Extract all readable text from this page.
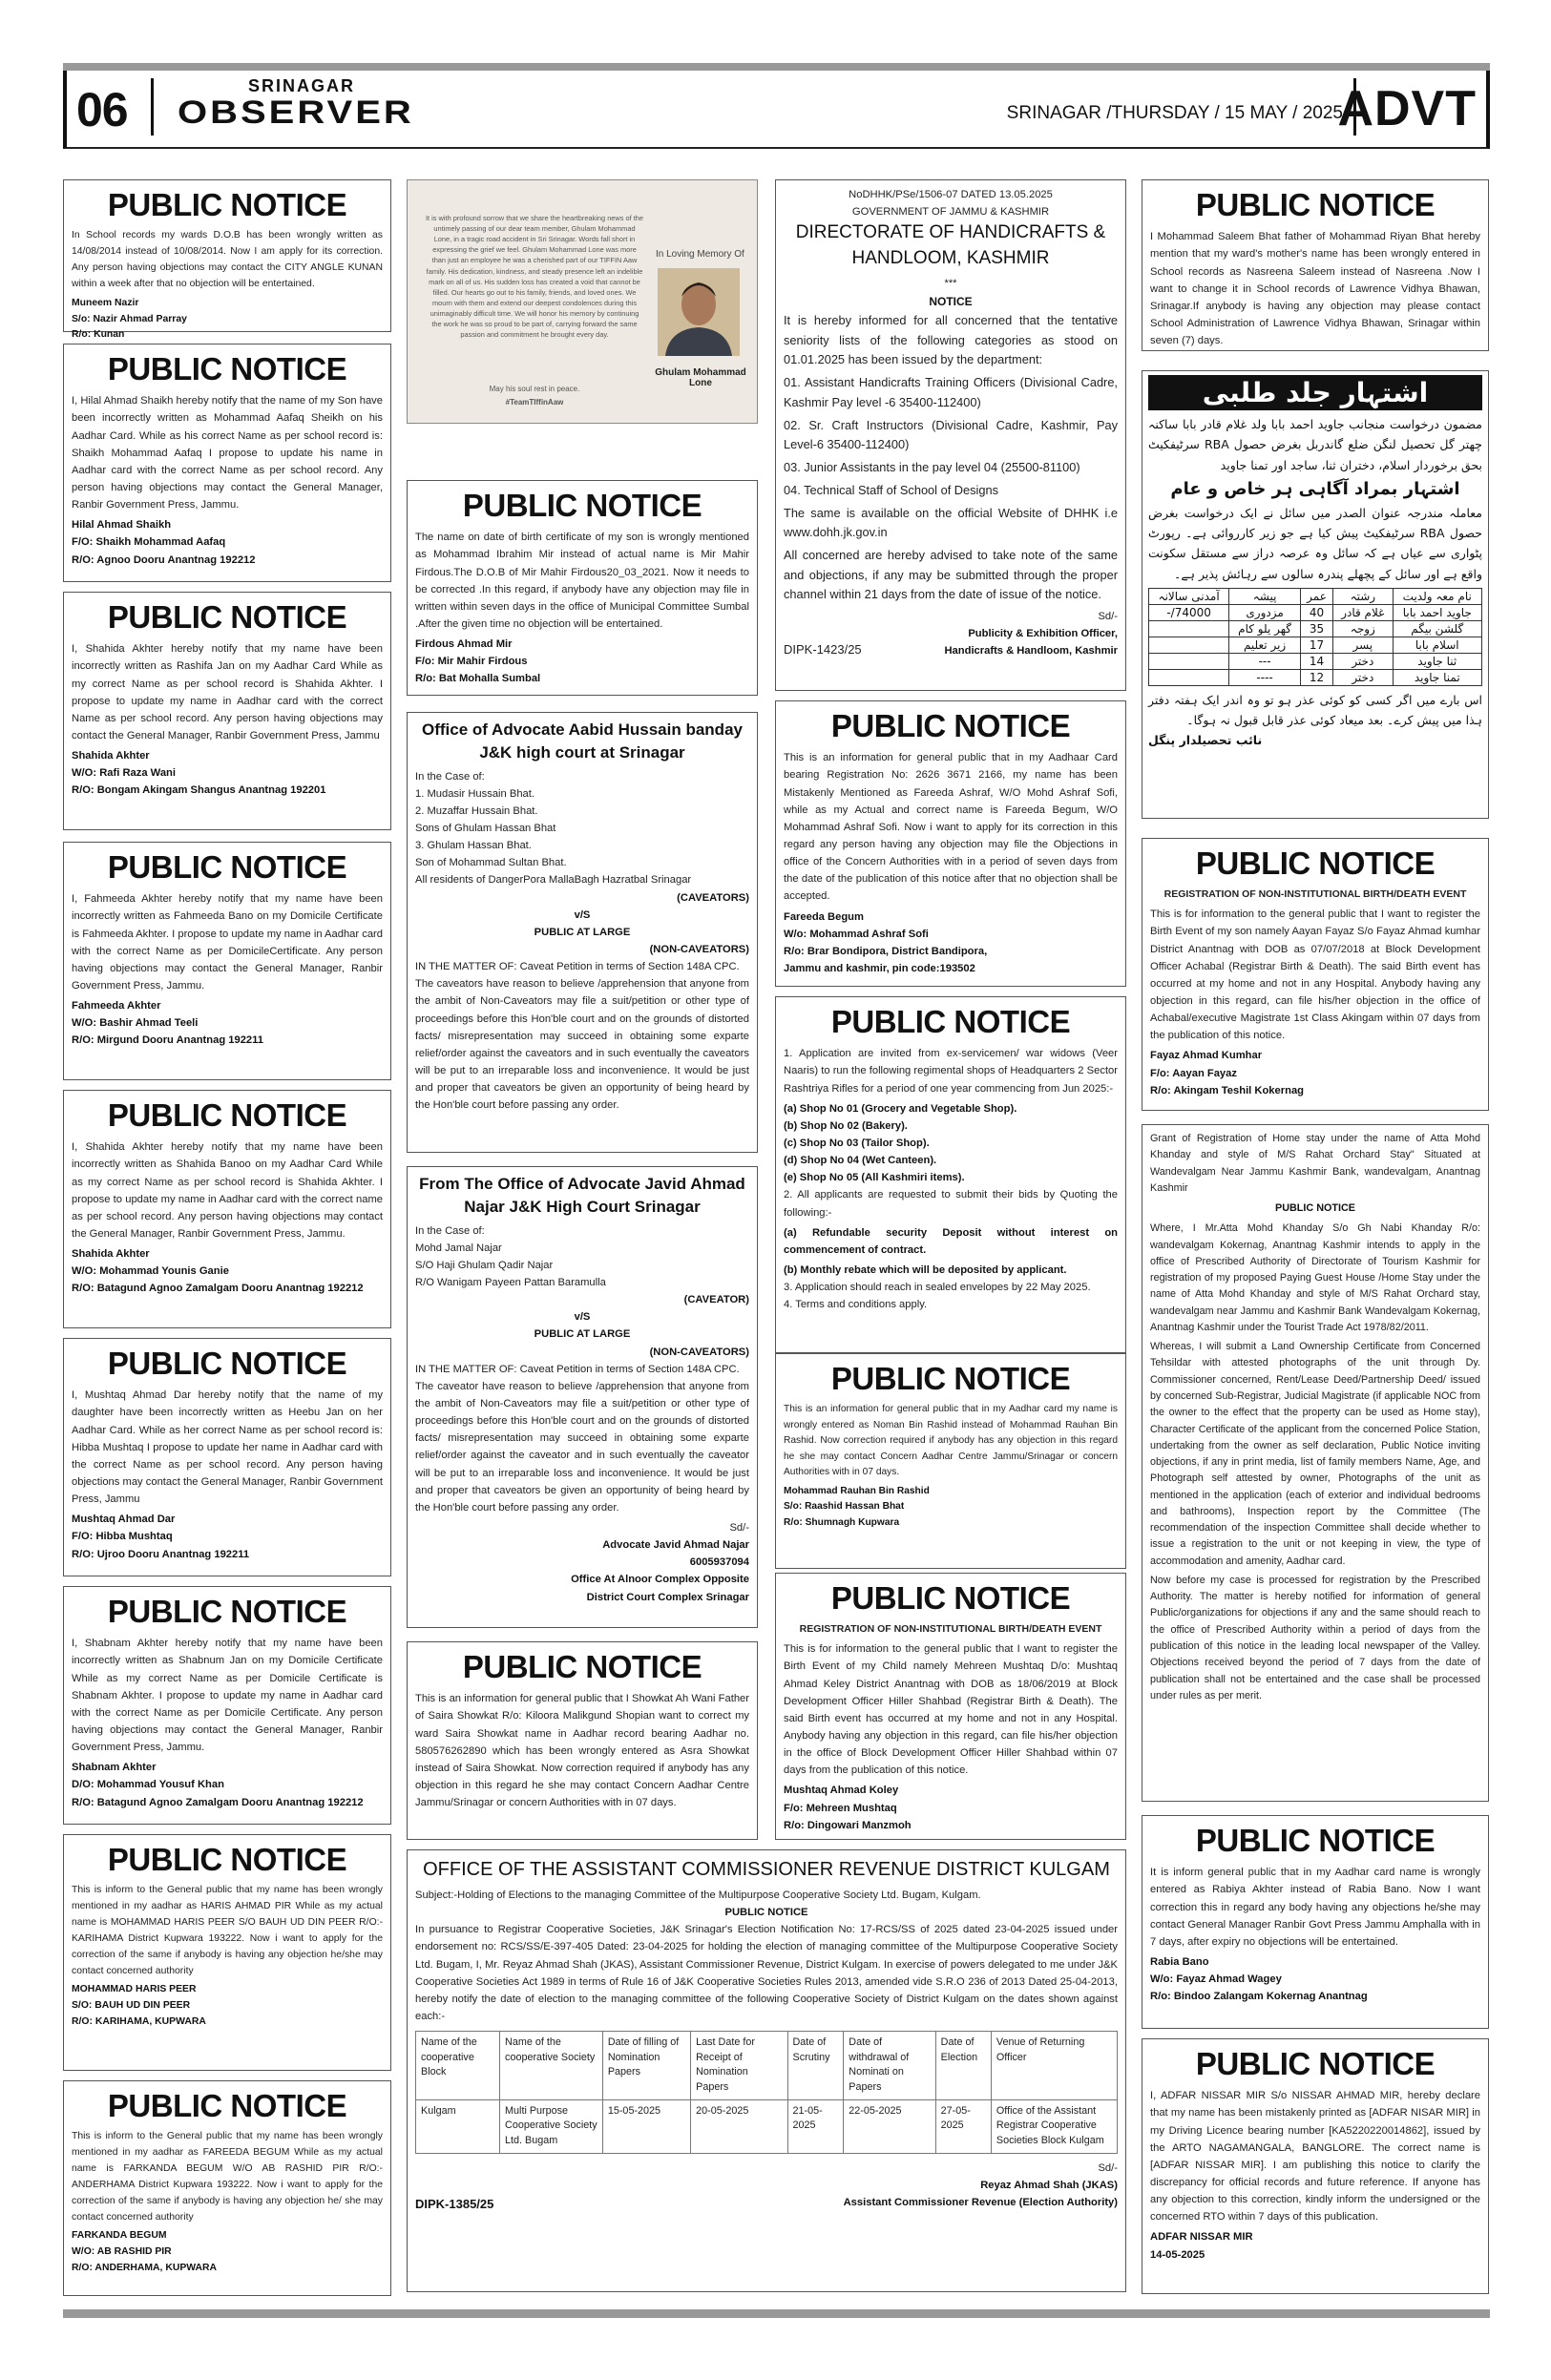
06	SRINAGAR
OBSERVER	SRINAGAR /THURSDAY / 15 MAY / 2025
ADVT
PUBLIC NOTICE

In School records my wards D.O.B has been wrongly written as 14/08/2014 instead of 10/08/2014. Now I am apply for its correction. Any person having objections may contact the CITY ANGLE KUNAN within a week after that no objection will be entertained.

Muneem Nazir
S/o: Nazir Ahmad Parray
R/o: Kunan
PUBLIC NOTICE

I, Hilal Ahmad Shaikh hereby notify that the name of my Son have been incorrectly written as Mohammad Aafaq Sheikh on his Aadhar Card. While as his correct Name as per school record is: Shaikh Mohammad Aafaq I propose to update his name in Aadhar card with the correct Name as per school record. Any person having objections may contact the General Manager, Ranbir Government Press, Jammu.

Hilal Ahmad Shaikh
F/O: Shaikh Mohammad Aafaq
R/O: Agnoo Dooru Anantnag 192212
PUBLIC NOTICE

I, Shahida Akhter hereby notify that my name have been incorrectly written as Rashifa Jan on my Aadhar Card While as my correct Name as per school record is Shahida Akhter. I propose to update my name in Aadhar card with the correct Name as per school record. Any person having objections may contact the General Manager, Ranbir Government Press, Jammu

Shahida Akhter
W/O: Rafi Raza Wani
R/O: Bongam Akingam Shangus Anantnag 192201
PUBLIC NOTICE

I, Fahmeeda Akhter hereby notify that my name have been incorrectly written as Fahmeeda Bano on my Domicile Certificate is Fahmeeda Akhter. I propose to update my name in Aadhar card with the correct Name as per DomicileCertificate. Any person having objections may contact the General Manager, Ranbir Government Press, Jammu.

Fahmeeda Akhter
W/O: Bashir Ahmad Teeli
R/O: Mirgund Dooru Anantnag 192211
PUBLIC NOTICE

I, Shahida Akhter hereby notify that my name have been incorrectly written as Shahida Banoo on my Aadhar Card While as my correct Name as per school record is Shahida Akhter. I propose to update my name in Aadhar card with the correct name as per school record. Any person having objections may contact the General Manager, Ranbir Government Press, Jammu.

Shahida Akhter
W/O: Mohammad Younis Ganie
R/O: Batagund Agnoo Zamalgam Dooru Anantnag 192212
PUBLIC NOTICE

I, Mushtaq Ahmad Dar hereby notify that the name of my daughter have been incorrectly written as Heebu Jan on her Aadhar Card. While as her correct Name as per school record is: Hibba Mushtaq I propose to update her name in Aadhar card with the correct Name as per school record. Any person having objections may contact the General Manager, Ranbir Government Press, Jammu

Mushtaq Ahmad Dar
F/O: Hibba Mushtaq
R/O: Ujroo Dooru Anantnag 192211
PUBLIC NOTICE

I, Shabnam Akhter hereby notify that my name have been incorrectly written as Shabnum Jan on my Domicile Certificate While as my correct Name as per Domicile Certificate is Shabnam Akhter. I propose to update my name in Aadhar card with the correct Name as per Domicile Certificate. Any person having objections may contact the General Manager, Ranbir Government Press, Jammu.

Shabnam Akhter
D/O: Mohammad Yousuf Khan
R/O: Batagund Agnoo Zamalgam Dooru Anantnag 192212
PUBLIC NOTICE

This is inform to the General public that my name has been wrongly mentioned in my aadhar as HARIS AHMAD PIR While as my actual name is MOHAMMAD HARIS PEER S/O BAUH UD DIN PEER R/O:-KARIHAMA District Kupwara 193222. Now i want to apply for the correction of the same if anybody is having any objection he/she may contact concerned authority

MOHAMMAD HARIS PEER
S/O: BAUH UD DIN PEER
R/O: KARIHAMA, KUPWARA
PUBLIC NOTICE

This is inform to the General public that my name has been wrongly mentioned in my aadhar as FAREEDA BEGUM While as my actual name is FARKANDA BEGUM W/O AB RASHID PIR R/O:- ANDERHAMA District Kupwara 193222. Now i want to apply for the correction of the same if anybody is having any objection he/ she may contact concerned authority

FARKANDA BEGUM
W/O: AB RASHID PIR
R/O: ANDERHAMA, KUPWARA
It is with profound sorrow that we share the heartbreaking news of the untimely passing of our dear team member, Ghulam Mohammad Lone, in a tragic road accident in Sri Srinagar. Words fall short in expressing the grief we feel. Ghulam Mohammad Lone was more than just an employee he was a cherished part of our TIFFIN Aaw family. His dedication, kindness, and steady presence left an indelible mark on all of us. His sudden loss has created a void that cannot be filled. Our hearts go out to his family, friends, and loved ones. We mourn with them and extend our deepest condolences during this unimaginably difficult time. We will honor his memory by continuing the work he was so proud to be part of, carrying forward the same passion and commitment he brought every day.
In Loving Memory Of
Ghulam Mohammad Lone
May his soul rest in peace.
#TeamTIffinAaw
PUBLIC NOTICE

The name on date of birth certificate of my son is wrongly mentioned as Mohammad Ibrahim Mir instead of actual name is Mir Mahir Firdous.The D.O.B of Mir Mahir Firdous20_03_2021. Now it needs to be corrected .In this regard, if anybody have any objection may file in written within seven days in the office of Municipal Committee Sumbal .After the given time no objection will be entertained.

Firdous Ahmad Mir
F/o: Mir Mahir Firdous
R/o: Bat Mohalla Sumbal
Office of Advocate Aabid Hussain banday J&K high court at Srinagar
In the Case of:
1. Mudasir Hussain Bhat.
2. Muzaffar Hussain Bhat.
Sons of Ghulam Hassan Bhat
3. Ghulam Hassan Bhat.
Son of Mohammad Sultan Bhat.
All residents of DangerPora MallaBagh Hazratbal Srinagar
(CAVEATORS)
v/S
PUBLIC AT LARGE
(NON-CAVEATORS)
IN THE MATTER OF: Caveat Petition in terms of Section 148A CPC.

The caveators have reason to believe /apprehension that anyone from the ambit of Non-Caveators may file a suit/petition or other type of proceedings before this Hon'ble court and on the grounds of distorted facts/ misrepresentation may succeed in obtaining some exparte relief/order against the caveators and in such eventually the caveators will be put to an irreparable loss and inconvenience. It would be just and proper that caveators be given an opportunity of being heard by the Hon'ble court before passing any order.

From The Office of Advocate Javid Ahmad Najar J&K High Court Srinagar
In the Case of:
Mohd Jamal Najar
S/O Haji Ghulam Qadir Najar
R/O Wanigam Payeen Pattan Baramulla
(CAVEATOR)
v/S
PUBLIC AT LARGE
(NON-CAVEATORS)
IN THE MATTER OF: Caveat Petition in terms of Section 148A CPC.

The caveator have reason to believe /apprehension that anyone from the ambit of Non-Caveators may file a suit/petition or other type of proceedings before this Hon'ble court and on the grounds of distorted facts/ misrepresentation may succeed in obtaining some exparte relief/order against the caveator and in such eventually the caveator will be put to an irreparable loss and inconvenience. It would be just and proper that caveators be given an opportunity of being heard by the Hon'ble court before passing any order.

Sd/-
Advocate Javid Ahmad Najar
6005937094
Office At Alnoor Complex Opposite
District Court Complex Srinagar
PUBLIC NOTICE

This is an information for general public that I Showkat Ah Wani Father of Saira Showkat R/o: Kiloora Malikgund Shopian want to correct my ward Saira Showkat name in Aadhar record bearing Aadhar no. 580576262890 which has been wrongly entered as Asra Showkat instead of Saira Showkat. Now correction required if anybody has any objection in this regard he she may contact Concern Aadhar Centre Jammu/Srinagar or concern Authorities with in 07 days.

NoDHHK/PSe/1506-07 DATED 13.05.2025
GOVERNMENT OF JAMMU & KASHMIR
DIRECTORATE OF HANDICRAFTS & HANDLOOM, KASHMIR
***
NOTICE

It is hereby informed for all concerned that the tentative seniority lists of the following categories as stood on 01.01.2025 has been issued by the department:

01. Assistant Handicrafts Training Officers (Divisional Cadre, Kashmir Pay level -6 35400-112400)

02. Sr. Craft Instructors (Divisional Cadre, Kashmir, Pay Level-6 35400-112400)

03. Junior Assistants in the pay level 04 (25500-81100)

04. Technical Staff of School of Designs

The same is available on the official Website of DHHK i.e www.dohh.jk.gov.in

All concerned are hereby advised to take note of the same and objections, if any may be submitted through the proper channel within 21 days from the date of issue of the notice.

Sd/-
DIPK-1423/25
Publicity & Exhibition Officer, Handicrafts & Handloom, Kashmir
PUBLIC NOTICE

This is an information for general public that in my Aadhaar Card bearing Registration No: 2626 3671 2166, my name has been Mistakenly Mentioned as Fareeda Ashraf, W/O Mohd Ashraf Sofi, while as my Actual and correct name is Fareeda Begum, W/O Mohammad Ashraf Sofi. Now i want to apply for its correction in this regard any person having any objection may file the Objections in office of the Concern Authorities with in a period of seven days from the date of the publication of this notice after that no objection shall be accepted.

Fareeda Begum
W/o: Mohammad Ashraf Sofi
R/o: Brar Bondipora, District Bandipora,
Jammu and kashmir, pin code:193502
PUBLIC NOTICE

1. Application are invited from ex-servicemen/ war widows (Veer Naaris) to run the following regimental shops of Headquarters 2 Sector Rashtriya Rifles for a period of one year commencing from Jun 2025:-

(a) Shop No 01 (Grocery and Vegetable Shop).
(b) Shop No 02 (Bakery).
(c) Shop No 03 (Tailor Shop).
(d) Shop No 04 (Wet Canteen).
(e) Shop No 05 (All Kashmiri items).

2. All applicants are requested to submit their bids by Quoting the following:-

(a) Refundable security Deposit without interest on commencement of contract.

(b) Monthly rebate which will be deposited by applicant.
3. Application should reach in sealed envelopes by 22 May 2025.
4. Terms and conditions apply.
PUBLIC NOTICE

This is an information for general public that in my Aadhar card my name is wrongly entered as Noman Bin Rashid instead of Mohammad Rauhan Bin Rashid. Now correction required if anybody has any objection in this regard he she may contact Concern Aadhar Centre Jammu/Srinagar or concern Authorities with in 07 days.

Mohammad Rauhan Bin Rashid
S/o: Raashid Hassan Bhat
R/o: Shumnagh Kupwara
PUBLIC NOTICE
REGISTRATION OF NON-INSTITUTIONAL BIRTH/DEATH EVENT

This is for information to the general public that I want to register the Birth Event of my Child namely Mehreen Mushtaq D/o: Mushtaq Ahmad Keley District Anantnag with DOB as 18/06/2019 at Block Development Officer Hiller Shahbad (Registrar Birth & Death). The said Birth event has occurred at my home and not in any Hospital. Anybody having any objection in this regard, can file his/her objection in the office of Block Development Officer Hiller Shahbad within 07 days from the publication of this notice.

Mushtaq Ahmad Koley
F/o: Mehreen Mushtaq
R/o: Dingowari Manzmoh
OFFICE OF THE ASSISTANT COMMISSIONER REVENUE DISTRICT KULGAM
Subject:-Holding of Elections to the managing Committee of the Multipurpose Cooperative Society Ltd. Bugam, Kulgam.
PUBLIC NOTICE

In pursuance to Registrar Cooperative Societies, J&K Srinagar's Election Notification No: 17-RCS/SS of 2025 dated 23-04-2025 issued under endorsement no: RCS/SS/E-397-405 Dated: 23-04-2025 for holding the election of managing committee of the Multipurpose Cooperative Society Ltd. Bugam, I, Mr. Reyaz Ahmad Shah (JKAS), Assistant Commissioner Revenue, District Kulgam. In exercise of powers delegated to me under J&K Cooperative Societies Act 1989 in terms of Rule 16 of J&K Cooperative Societies Rules 2013, amended vide S.R.O 236 of 2013 Dated 25-04-2013, hereby notify the date of election to the managing committee of the following Cooperative Society of District Kulgam on the dates shown against each:-

Name of the cooperative Block	Name of the cooperative Society	Date of filling of Nomination Papers	Last Date for Receipt of Nomination Papers	Date of Scrutiny	Date of withdrawal of Nominati on Papers	Date of Election	Venue of Returning Officer
Kulgam	Multi Purpose Cooperative Society Ltd. Bugam	15-05-2025	20-05-2025	21-05-2025	22-05-2025	27-05-2025	Office of the Assistant Registrar Cooperative Societies Block Kulgam
Sd/-
Reyaz Ahmad Shah (JKAS)
DIPK-1385/25	Assistant Commissioner Revenue (Election Authority)
PUBLIC NOTICE

I Mohammad Saleem Bhat father of Mohammad Riyan Bhat hereby mention that my ward's mother's name has been wrongly entered in School records as Nasreena Saleem instead of Nasreena .Now I want to change it in School records of Lawrence Vidhya Bhawan, Srinagar.If anybody is having any objection may please contact School Administration of Lawrence Vidhya Bhawan, Srinagar within seven (7) days.

اشتہار جلد طلبی

مضمون درخواست منجانب جاوید احمد بابا ولد غلام قادر بابا ساکنہ چھتر گل تحصیل لنگن ضلع گاندربل بغرض حصول RBA سرٹیفکیٹ بحق برخوردار اسلام، دختران ثنا، ساجد اور تمنا جاوید

اشتہار بمراد آگاہی ہر خاص و عام

معاملہ مندرجہ عنوان الصدر میں سائل نے ایک درخواست بغرض حصول RBA سرٹیفکیٹ پیش کیا ہے جو زیر کارروائی ہے۔ رپورٹ پٹواری سے عیاں ہے کہ سائل وہ عرصہ دراز سے مستقل سکونت واقع ہے اور سائل کے پچھلے پندرہ سالوں سے رہائش پذیر ہے۔

نام معہ ولدیت	رشتہ	عمر	پیشہ	آمدنی سالانہ
جاوید احمد بابا	غلام قادر	40	مزدوری	74000/-
گلشن بیگم	زوجہ	35	گھر یلو کام	
اسلام بابا	پسر	17	زیر تعلیم	
ثنا جاوید	دختر	14	---	
تمنا جاوید	دختر	12	----	

اس بارے میں اگر کسی کو کوئی عذر ہو تو وہ اندر ایک ہفتہ دفتر ہذا میں پیش کرے۔ بعد میعاد کوئی عذر قابل قبول نہ ہوگا۔

نائب تحصیلدار پنگل

PUBLIC NOTICE
REGISTRATION OF NON-INSTITUTIONAL BIRTH/DEATH EVENT

This is for information to the general public that I want to register the Birth Event of my son namely Aayan Fayaz S/o Fayaz Ahmad kumhar District Anantnag with DOB as 07/07/2018 at Block Development Officer Achabal (Registrar Birth & Death). The said Birth event has occurred at my home and not in any Hospital. Anybody having any objection in this regard, can file his/her objection in the office of Achabal/executive Magistrate 1st Class Akingam within 07 days from the publication of this notice.

Fayaz Ahmad Kumhar
F/o: Aayan Fayaz
R/o: Akingam Teshil Kokernag

Grant of Registration of Home stay under the name of Atta Mohd Khanday and style of M/S Rahat Orchard Stay" Situated at Wandevalgam Near Jammu Kashmir Bank, wandevalgam, Anantnag Kashmir

PUBLIC NOTICE

Where, I Mr.Atta Mohd Khanday S/o Gh Nabi Khanday R/o: wandevalgam Kokernag, Anantnag Kashmir intends to apply in the office of Prescribed Authority of Directorate of Tourism Kashmir for registration of my proposed Paying Guest House /Home Stay under the name of Atta Mohd Khanday and style of M/S Rahat Orchard stay, wandevalgam near Jammu and Kashmir Bank Wandevalgam Kokernag, Anantnag Kashmir under the Tourist Trade Act 1978/82/2011.

Whereas, I will submit a Land Ownership Certificate from Concerned Tehsildar with attested photographs of the unit through Dy. Commissioner concerned, Rent/Lease Deed/Partnership Deed/ issued by concerned Sub-Registrar, Judicial Magistrate (if applicable NOC from the owner to the effect that the property can be used as Home stay), Character Certificate of the applicant from the concerned Police Station, undertaking from the owner as self declaration, Public Notice inviting objections, if any in print media, list of family members Name, Age, and Photograph self attested by owner, Photographs of the unit as mentioned in the application (each of exterior and individual bedrooms and bathrooms), Inspection report by the Committee (The recommendation of the inspection Committee shall decide whether to issue a registration to the unit or not keeping in view, the type of accommodation and amenity, Aadhar card.

Now before my case is processed for registration by the Prescribed Authority. The matter is hereby notified for information of general Public/organizations for objections if any and the same should reach to the office of Prescribed Authority within a period of days from the publication of this notice in the leading local newspaper of the Valley. Objections received beyond the period of 7 days from the date of publication shall not be entertained and the case shall be processed under rules as per merit.

PUBLIC NOTICE

It is inform general public that in my Aadhar card name is wrongly entered as Rabiya Akhter instead of Rabia Bano. Now I want correction this in regard any body having any objections he/she may contact General Manager Ranbir Govt Press Jammu Amphalla with in 7 days, after expiry no objections will be entertained.

Rabia Bano
W/o: Fayaz Ahmad Wagey
R/o: Bindoo Zalangam Kokernag Anantnag
PUBLIC NOTICE

I, ADFAR NISSAR MIR S/o NISSAR AHMAD MIR, hereby declare that my name has been mistakenly printed as [ADFAR NISAR MIR] in my Driving Licence bearing number [KA5220220014862], issued by the ARTO NAGAMANGALA, BANGLORE. The correct name is [ADFAR NISSAR MIR]. I am publishing this notice to clarify the discrepancy for official records and future reference. If anyone has any objection to this correction, kindly inform the undersigned or the concerned RTO within 7 days of this publication.

ADFAR NISSAR MIR
14-05-2025
